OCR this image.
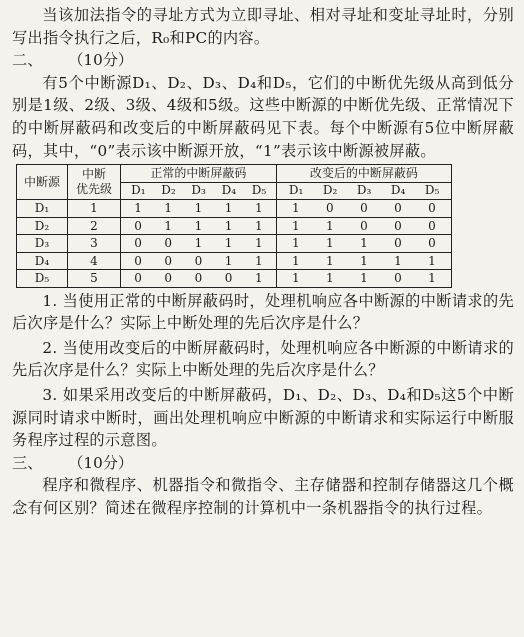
当该加法指令的寻址方式为立即寻址、相对寻址和变址寻址时，分别写出指令执行之后，R₀和PC的内容。

二、 （10分）

有5个中断源D₁、D₂、D₃、D₄和D₅，它们的中断优先级从高到低分别是1级、2级、3级、4级和5级。这些中断源的中断优先级、正常情况下的中断屏蔽码和改变后的中断屏蔽码见下表。每个中断源有5位中断屏蔽码，其中，“0”表示该中断源开放，“1”表示该中断源被屏蔽。

中断源	中断
优先级	正常的中断屏蔽码	改变后的中断屏蔽码

		D₁ D₂ D₃ D₄ D₅	D₁ D₂ D₃ D₄ D₅

D₁	1	1 1 1 1 1	1 0 0 0 0

D₂	2	0 1 1 1 1	1 1 0 0 0

D₃	3	0 0 1 1 1	1 1 1 0 0

D₄	4	0 0 0 1 1	1 1 1 1 1

D₅	5	0 0 0 0 1	1 1 1 0 1

1. 当使用正常的中断屏蔽码时，处理机响应各中断源的中断请求的先后次序是什么？实际上中断处理的先后次序是什么？

2. 当使用改变后的中断屏蔽码时，处理机响应各中断源的中断请求的先后次序是什么？实际上中断处理的先后次序是什么？

3. 如果采用改变后的中断屏蔽码，D₁、D₂、D₃、D₄和D₅这5个中断源同时请求中断时，画出处理机响应中断源的中断请求和实际运行中断服务程序过程的示意图。

三、 （10分）

程序和微程序、机器指令和微指令、主存储器和控制存储器这几个概念有何区别？简述在微程序控制的计算机中一条机器指令的执行过程。
